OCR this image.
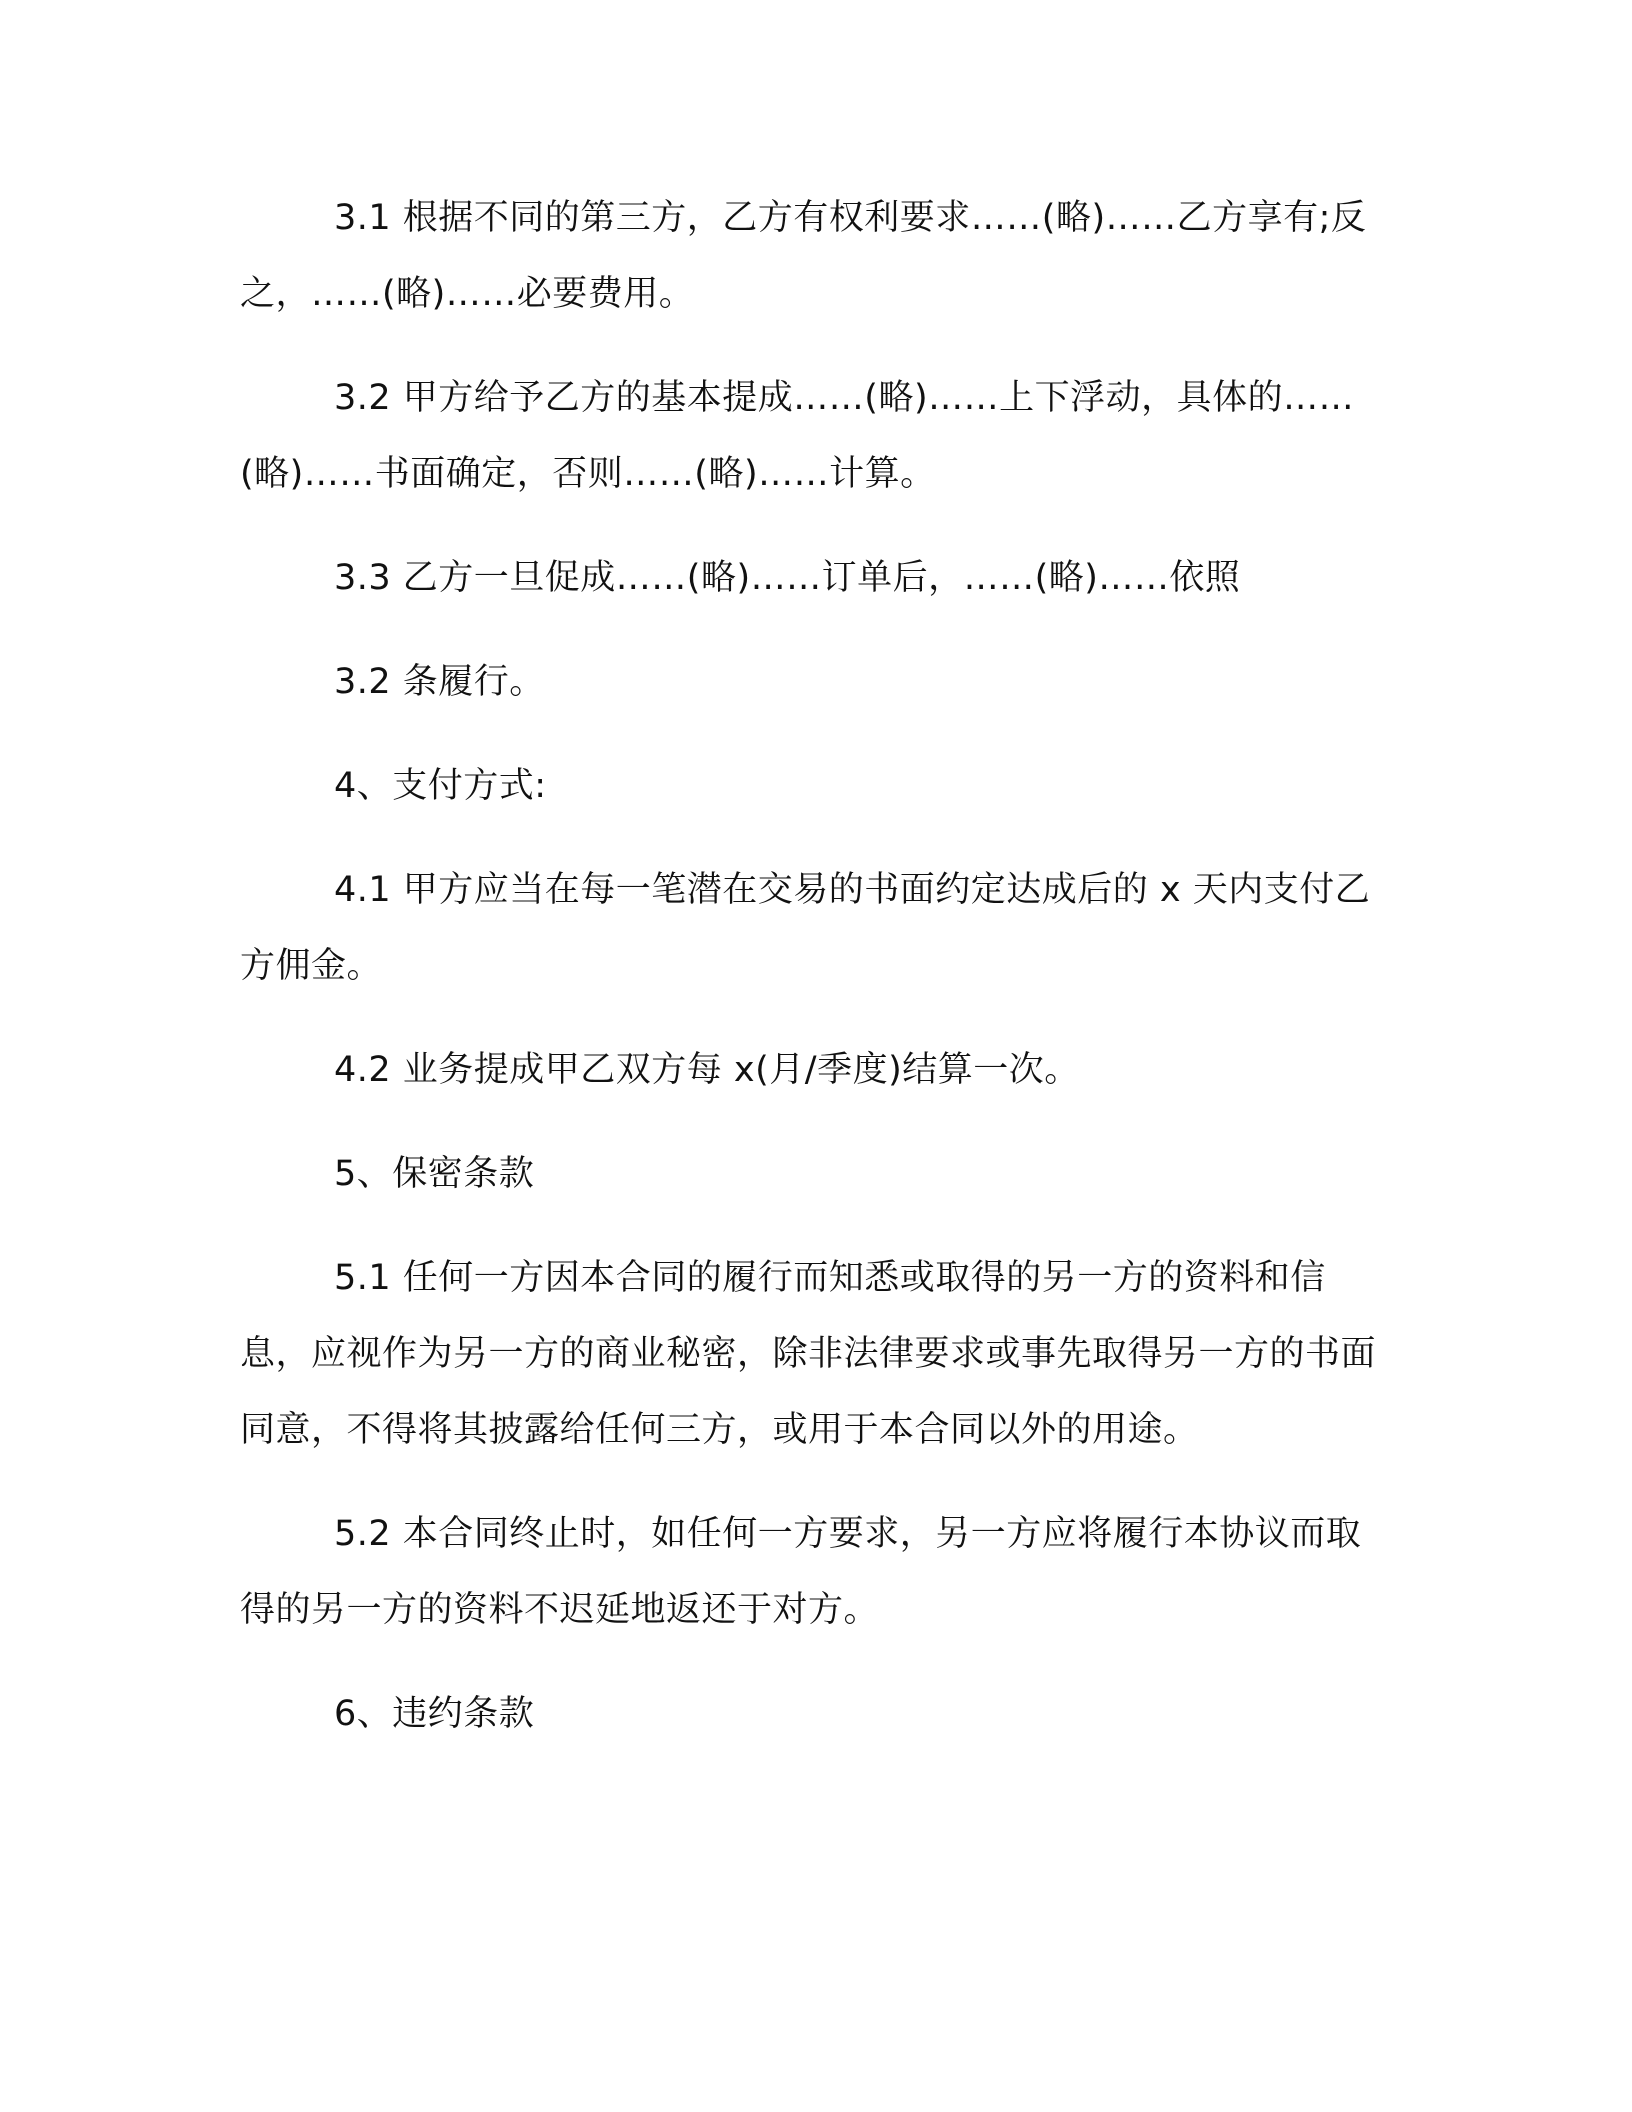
3.1 根据不同的第三方，乙方有权利要求……(略)……乙方享有;反之，……(略)……必要费用。

3.2 甲方给予乙方的基本提成……(略)……上下浮动，具体的……(略)……书面确定，否则……(略)……计算。

3.3 乙方一旦促成……(略)……订单后，……(略)……依照

3.2 条履行。

4、支付方式:

4.1 甲方应当在每一笔潜在交易的书面约定达成后的 x 天内支付乙方佣金。

4.2 业务提成甲乙双方每 x(月/季度)结算一次。

5、保密条款

5.1 任何一方因本合同的履行而知悉或取得的另一方的资料和信息，应视作为另一方的商业秘密，除非法律要求或事先取得另一方的书面同意，不得将其披露给任何三方，或用于本合同以外的用途。

5.2 本合同终止时，如任何一方要求，另一方应将履行本协议而取得的另一方的资料不迟延地返还于对方。

6、违约条款
